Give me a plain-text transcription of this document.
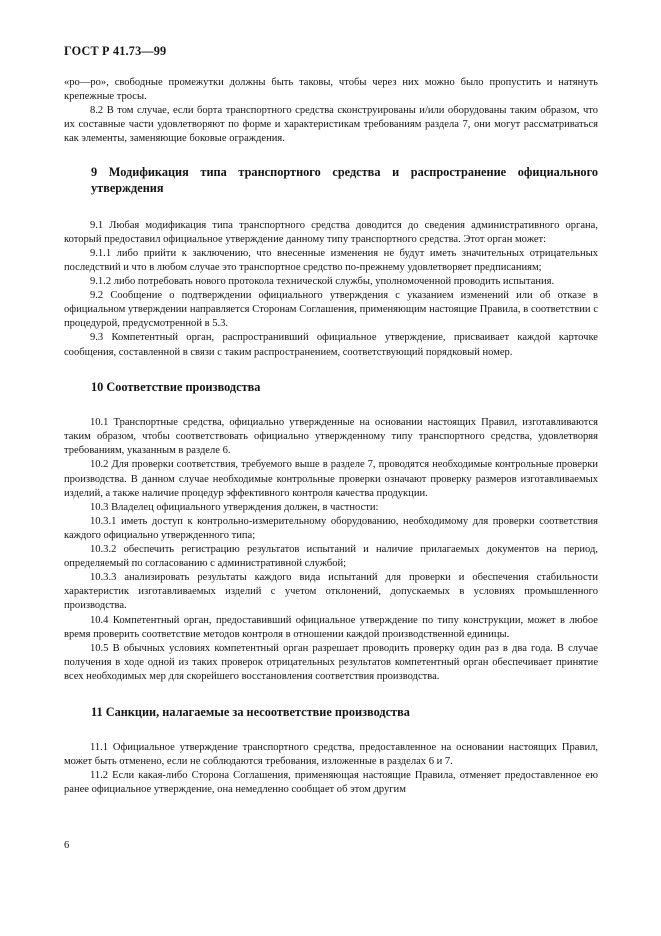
ГОСТ Р 41.73—99

«ро—ро», свободные промежутки должны быть таковы, чтобы через них можно было пропустить и натянуть крепежные тросы.

8.2 В том случае, если борта транспортного средства сконструированы и/или оборудованы таким образом, что их составные части удовлетворяют по форме и характеристикам требованиям раздела 7, они могут рассматриваться как элементы, заменяющие боковые ограждения.

9 Модификация типа транспортного средства и распространение официального утверждения

9.1 Любая модификация типа транспортного средства доводится до сведения административного органа, который предоставил официальное утверждение данному типу транспортного средства. Этот орган может:

9.1.1 либо прийти к заключению, что внесенные изменения не будут иметь значительных отрицательных последствий и что в любом случае это транспортное средство по-прежнему удовлетворяет предписаниям;

9.1.2 либо потребовать нового протокола технической службы, уполномоченной проводить испытания.

9.2 Сообщение о подтверждении официального утверждения с указанием изменений или об отказе в официальном утверждении направляется Сторонам Соглашения, применяющим настоящие Правила, в соответствии с процедурой, предусмотренной в 5.3.

9.3 Компетентный орган, распространивший официальное утверждение, присваивает каждой карточке сообщения, составленной в связи с таким распространением, соответствующий порядковый номер.

10 Соответствие производства

10.1 Транспортные средства, официально утвержденные на основании настоящих Правил, изготавливаются таким образом, чтобы соответствовать официально утвержденному типу транспортного средства, удовлетворяя требованиям, указанным в разделе 6.

10.2 Для проверки соответствия, требуемого выше в разделе 7, проводятся необходимые контрольные проверки производства. В данном случае необходимые контрольные проверки означают проверку размеров изготавливаемых изделий, а также наличие процедур эффективного контроля качества продукции.

10.3 Владелец официального утверждения должен, в частности:

10.3.1 иметь доступ к контрольно-измерительному оборудованию, необходимому для проверки соответствия каждого официально утвержденного типа;

10.3.2 обеспечить регистрацию результатов испытаний и наличие прилагаемых документов на период, определяемый по согласованию с административной службой;

10.3.3 анализировать результаты каждого вида испытаний для проверки и обеспечения стабильности характеристик изготавливаемых изделий с учетом отклонений, допускаемых в условиях промышленного производства.

10.4 Компетентный орган, предоставивший официальное утверждение по типу конструкции, может в любое время проверить соответствие методов контроля в отношении каждой производственной единицы.

10.5 В обычных условиях компетентный орган разрешает проводить проверку один раз в два года. В случае получения в ходе одной из таких проверок отрицательных результатов компетентный орган обеспечивает принятие всех необходимых мер для скорейшего восстановления соответствия производства.

11 Санкции, налагаемые за несоответствие производства

11.1 Официальное утверждение транспортного средства, предоставленное на основании настоящих Правил, может быть отменено, если не соблюдаются требования, изложенные в разделах 6 и 7.

11.2 Если какая-либо Сторона Соглашения, применяющая настоящие Правила, отменяет предоставленное ею ранее официальное утверждение, она немедленно сообщает об этом другим

6
